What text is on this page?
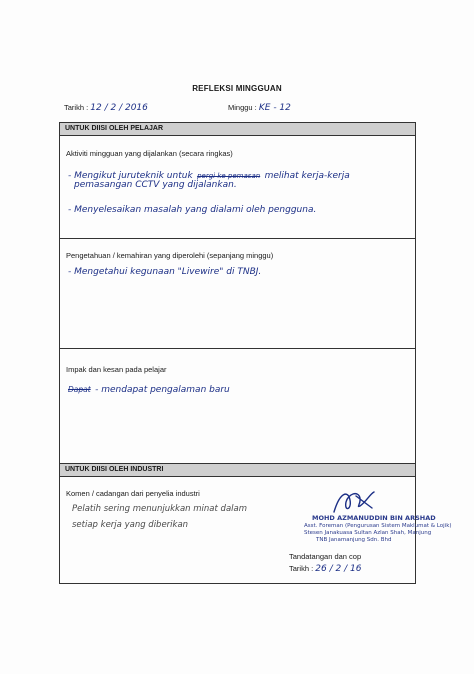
REFLEKSI MINGGUAN
Tarikh : 12 / 2 / 2016	Minggu : KE - 12
UNTUK DIISI OLEH PELAJAR
Aktiviti mingguan yang dijalankan (secara ringkas)
- Mengikut juruteknik untuk pergi ke pemasan melihat kerja-kerja
pemasangan CCTV yang dijalankan.
- Menyelesaikan masalah yang dialami oleh pengguna.
Pengetahuan / kemahiran yang diperolehi (sepanjang minggu)
- Mengetahui kegunaan "Livewire" di TNBJ.
Impak dan kesan pada pelajar
Dapat - mendapat pengalaman baru
UNTUK DIISI OLEH INDUSTRI
Komen / cadangan dari penyelia industri
Pelatih sering menunjukkan minat dalam
setiap kerja yang diberikan
MOHD AZMANUDDIN BIN ARSHAD
Asst. Foreman (Pengurusan Sistem Maklumat & Lojik)
Stesen Janakuasa Sultan Azlan Shah, Manjung
TNB Janamanjung Sdn. Bhd
Tandatangan dan cop
Tarikh : 26 / 2 / 16
